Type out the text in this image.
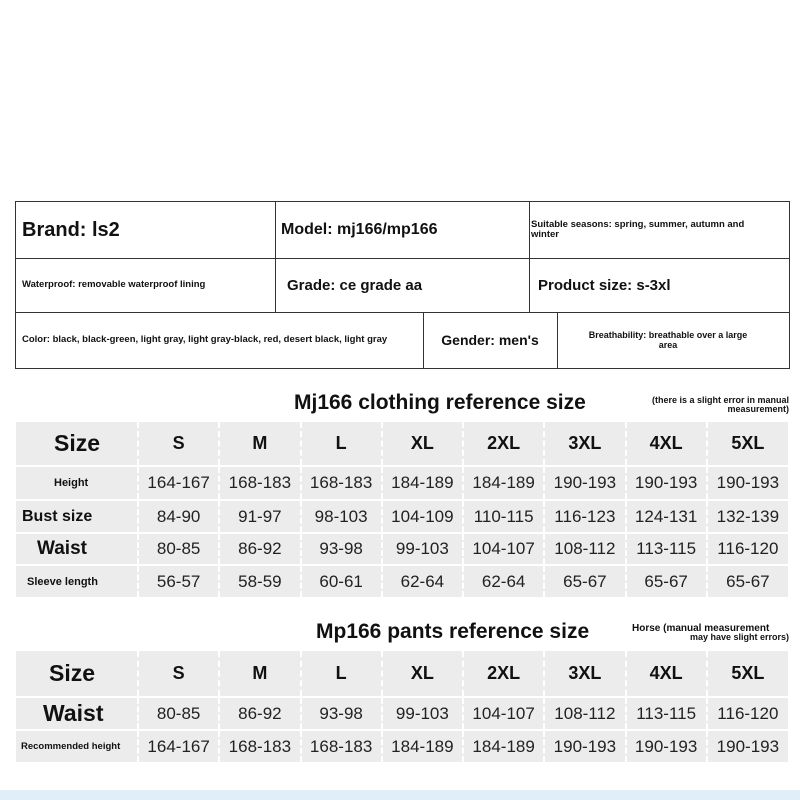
Brand: ls2	Model: mj166/mp166	Suitable seasons: spring, summer, autumn and winter
Waterproof: removable waterproof lining	Grade: ce grade aa	Product size: s-3xl
Color: black, black-green, light gray, light gray-black, red, desert black, light gray	Gender: men's	Breathability: breathable over a large area
Mj166 clothing reference size	(there is a slight error in manual measurement)
Size	S	M	L	XL	2XL	3XL	4XL	5XL
Height	164-167	168-183	168-183	184-189	184-189	190-193	190-193	190-193
Bust size	84-90	91-97	98-103	104-109	110-115	116-123	124-131	132-139
Waist	80-85	86-92	93-98	99-103	104-107	108-112	113-115	116-120
Sleeve length	56-57	58-59	60-61	62-64	62-64	65-67	65-67	65-67
Mp166 pants reference size	Horse (manual measurement
may have slight errors)
Size	S	M	L	XL	2XL	3XL	4XL	5XL
Waist	80-85	86-92	93-98	99-103	104-107	108-112	113-115	116-120
Recommended height	164-167	168-183	168-183	184-189	184-189	190-193	190-193	190-193
